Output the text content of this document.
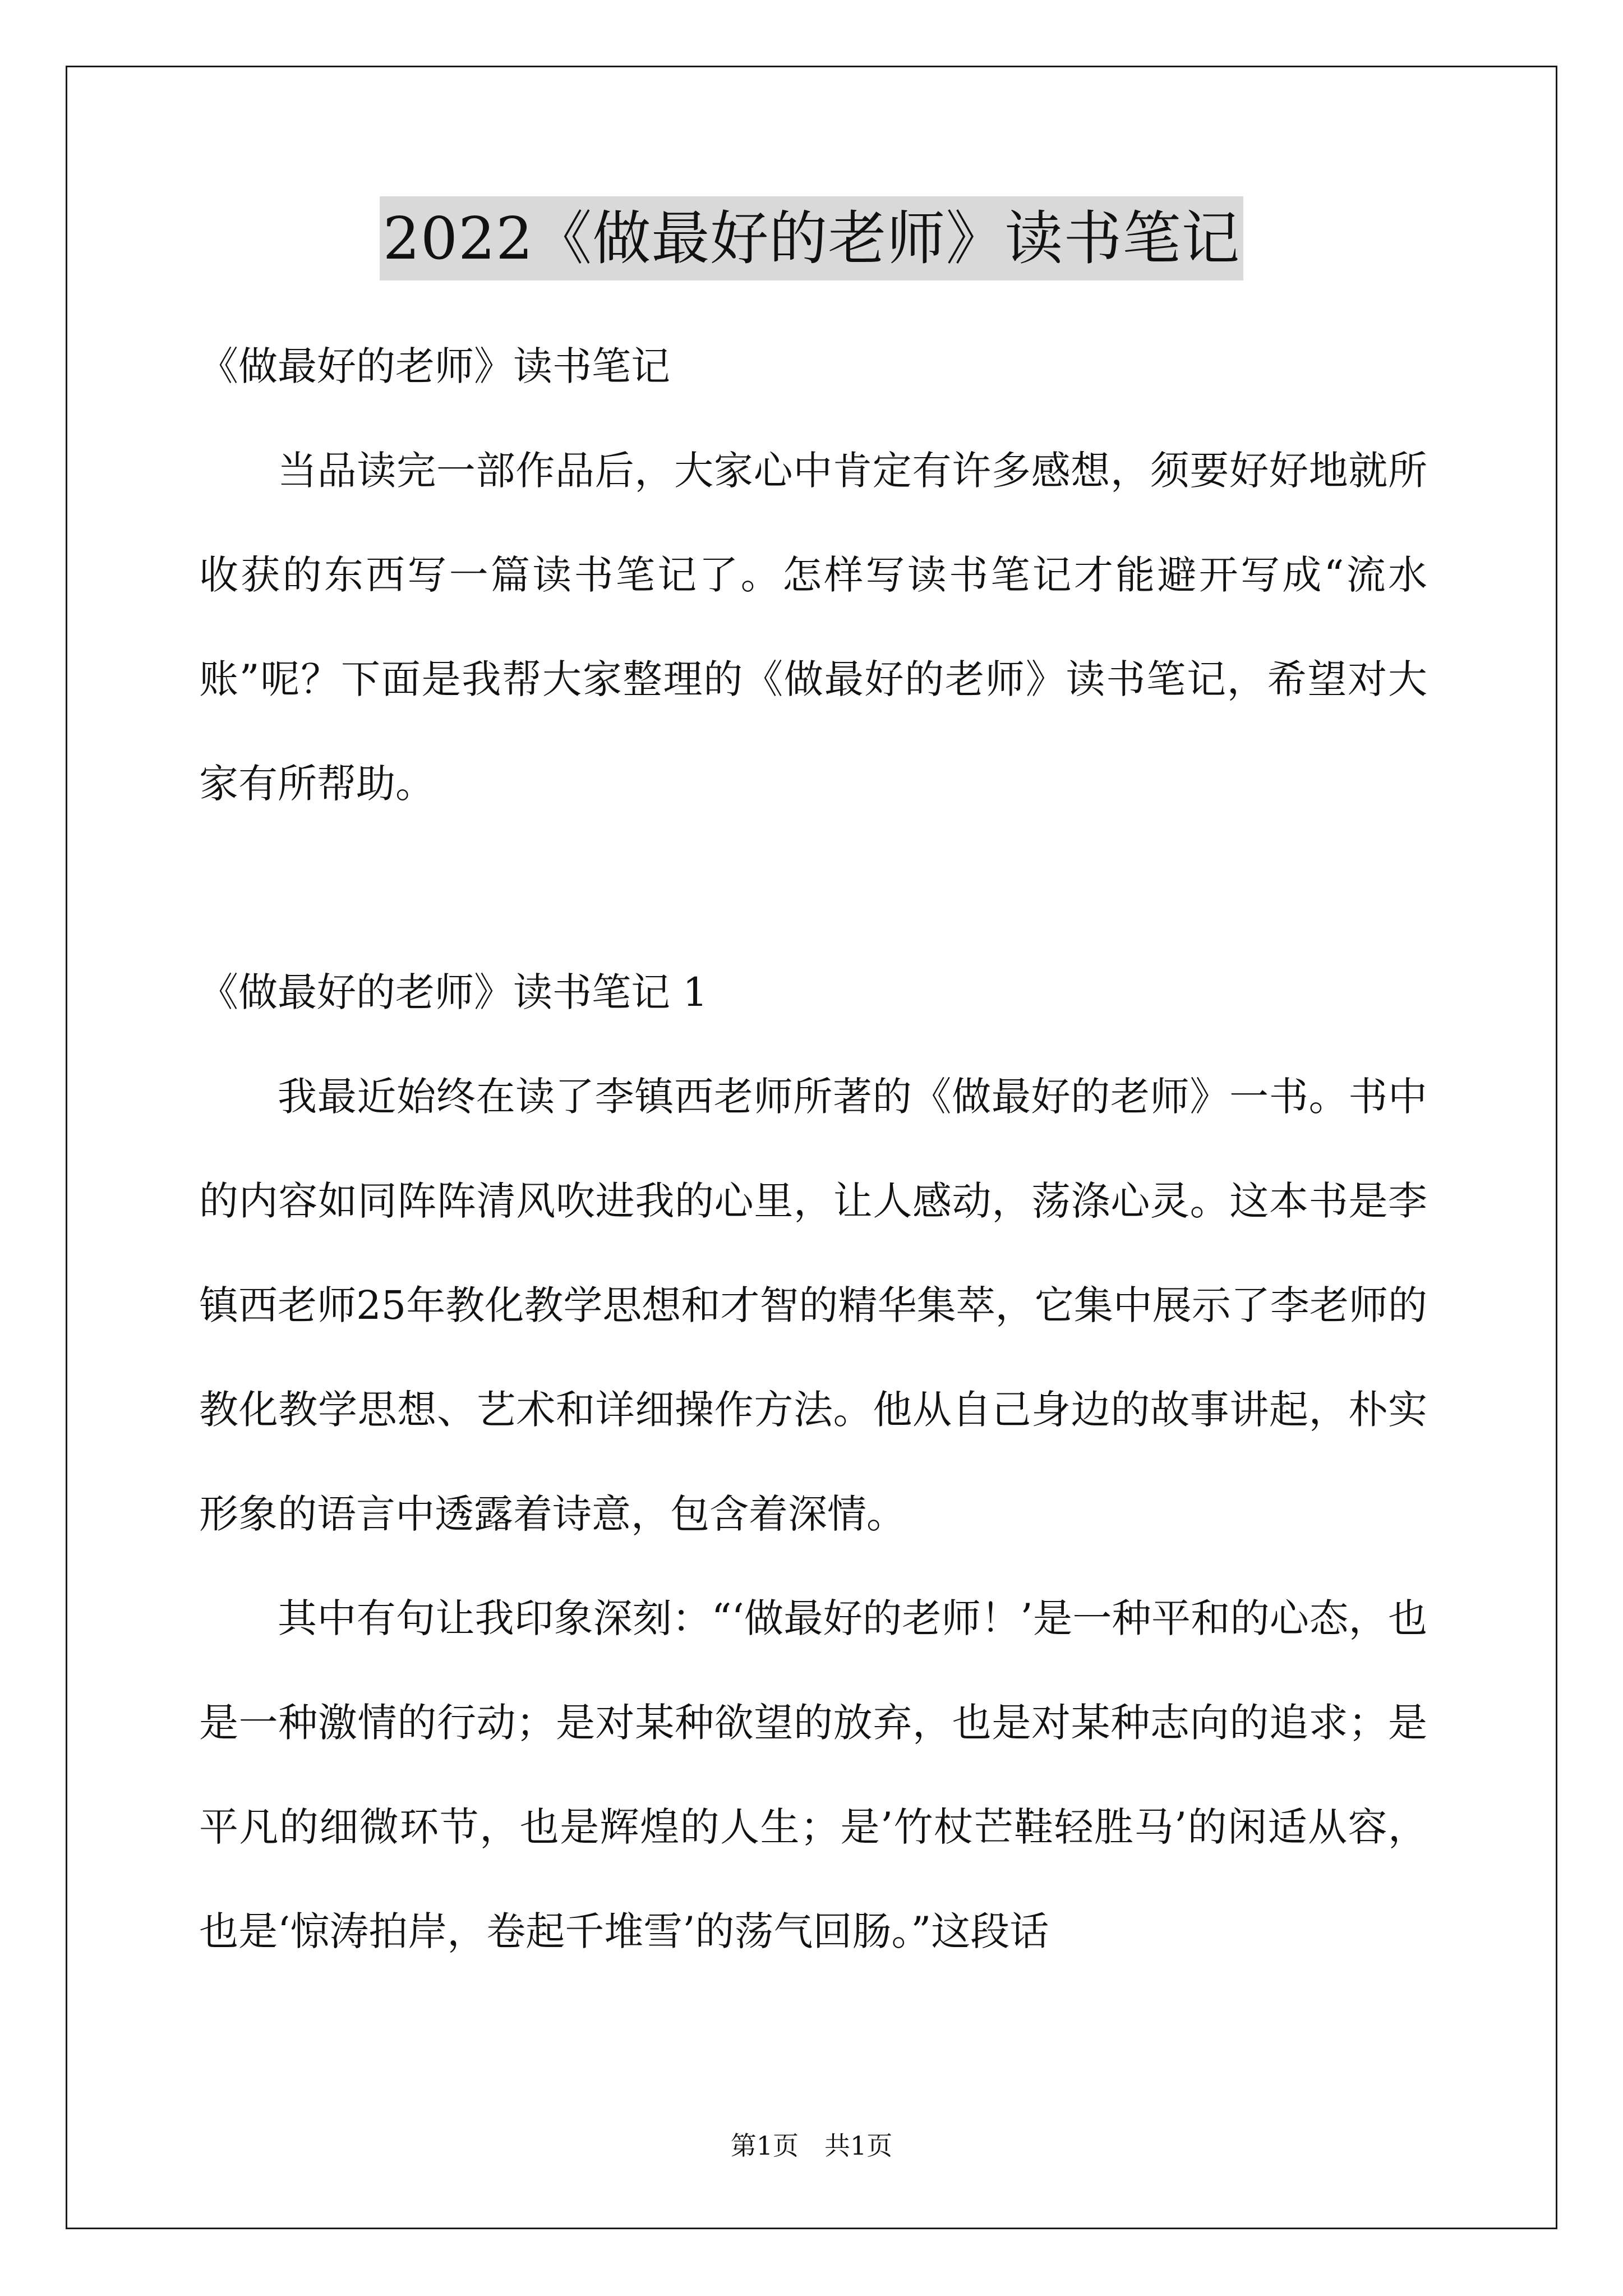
2022《做最好的老师》读书笔记

《做最好的老师》读书笔记

当品读完一部作品后，大家心中肯定有许多感想，须要好好地就所收获的东西写一篇读书笔记了。怎样写读书笔记才能避开写成“流水账”呢？下面是我帮大家整理的《做最好的老师》读书笔记，希望对大家有所帮助。

《做最好的老师》读书笔记 1

我最近始终在读了李镇西老师所著的《做最好的老师》一书。书中的内容如同阵阵清风吹进我的心里，让人感动，荡涤心灵。这本书是李镇西老师25年教化教学思想和才智的精华集萃，它集中展示了李老师的教化教学思想、艺术和详细操作方法。他从自己身边的故事讲起，朴实形象的语言中透露着诗意，包含着深情。

其中有句让我印象深刻：“‘做最好的老师！’是一种平和的心态，也是一种激情的行动；是对某种欲望的放弃，也是对某种志向的追求；是平凡的细微环节，也是辉煌的人生；是’竹杖芒鞋轻胜马’的闲适从容，也是‘惊涛拍岸，卷起千堆雪’的荡气回肠。”这段话

第1页　共1页
